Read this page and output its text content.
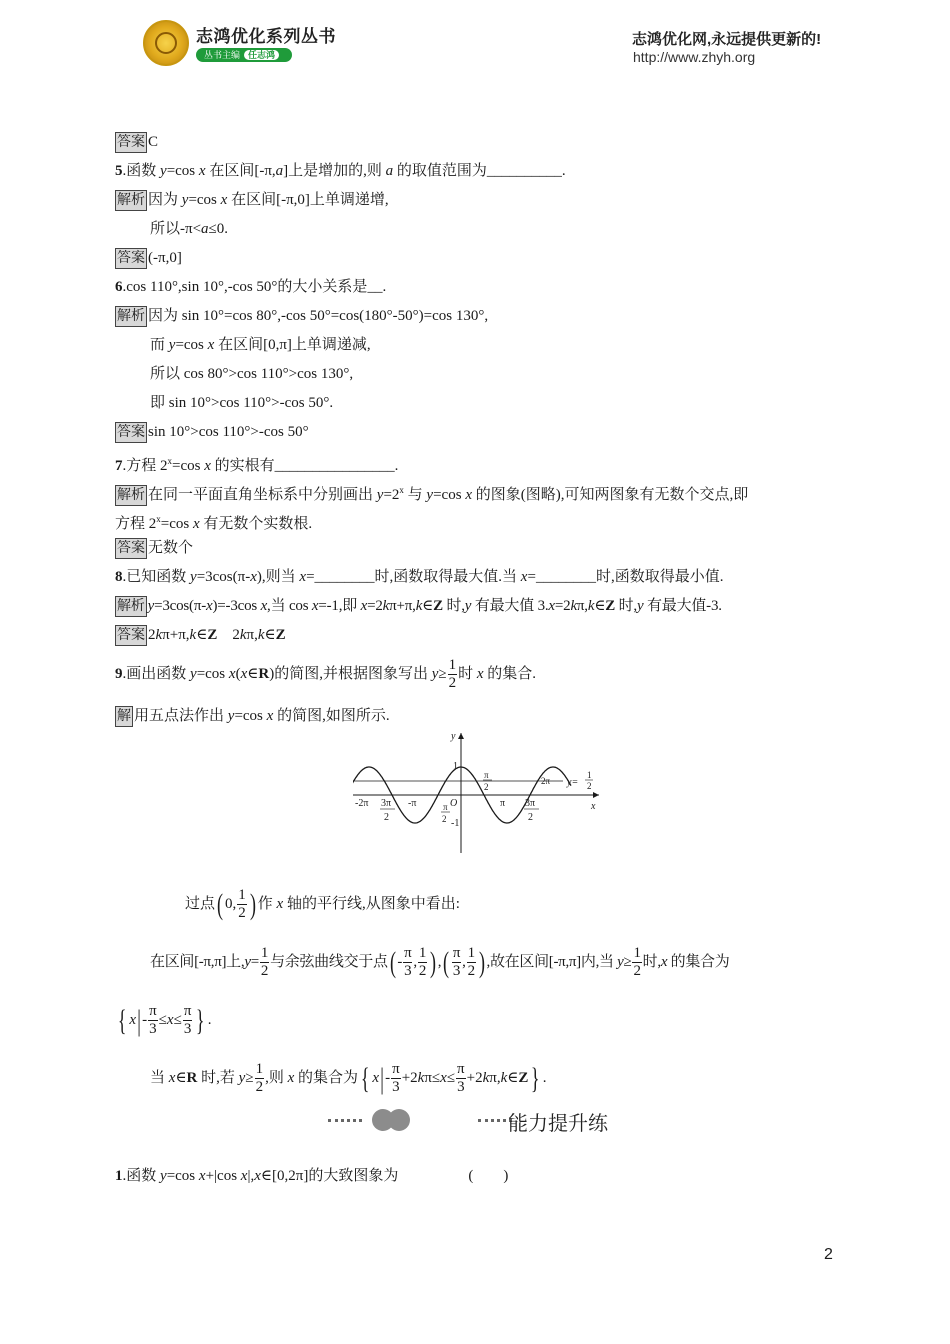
志鸿优化系列丛书
丛书主编 任志鸿
志鸿优化网,永远提供更新的!
http://www.zhyh.org
答案 C
5.函数 y=cos x 在区间[-π,a]上是增加的,则 a 的取值范围为__________.
解析 因为 y=cos x 在区间[-π,0]上单调递增,
所以-π<a≤0.
答案 (-π,0]
6.cos 110°,sin 10°,-cos 50°的大小关系是__.
解析 因为 sin 10°=cos 80°,-cos 50°=cos(180°-50°)=cos 130°,
而 y=cos x 在区间[0,π]上单调递减,
所以 cos 80°>cos 110°>cos 130°,
即 sin 10°>cos 110°>-cos 50°.
答案 sin 10°>cos 110°>-cos 50°
7.方程 $2^x=\cos$ x 的实根有________________.
解析 在同一平面直角坐标系中分别画出 $y=2^x$ 与 y=cos x 的图象(图略),可知两图象有无数个交点,即
方程 $2^x=\cos$ x 有无数个实数根.
答案 无数个
8.已知函数 y=3cos(π-x),则当 x=________时,函数取得最大值.当 x=________时,函数取得最小值.
解析 y=3cos(π-x)=-3cos x,当 cos x=-1,即 x=2kπ+π,k∈Z 时,y 有最大值 3.x=2kπ,k∈Z 时,y 有最大值-3.
答案 2kπ+π,k∈Z　2kπ,k∈Z
9.画出函数 y=cos x(x∈R)的简图,并根据图象写出 $y\ge \frac{1}{2}$ 时 x 的集合.
解 用五点法作出 y=cos x 的简图,如图所示.
y
x
1
-1
O
-2π 3π
2
-π	π
2
π
2
π 3π
2
2π y=
1
2
过点( 0, $\frac{1}{2}$ ) 作 x 轴的平行线,从图象中看出:
在区间[-π,π]上$,y= \frac{1}{2}$ 与余弦曲线交于点( - $\frac{\pi}{3}$ , $\frac{1}{2}$ ) ,( $\frac{\pi}{3}$ , $\frac{1}{2}$ ) ,故在区间[-π,π]内,当 $y\ge \frac{1}{2}$ 时,x 的集合为
{ $x|- \frac{\pi}{3} \le x\le \frac{\pi}{3}$ } .
当 x∈R 时,若 $y\ge \frac{1}{2}$ ,则 x 的集合为{ $x|- \frac{\pi}{3} +2k\pi\le x\le \frac{\pi}{3}$ +2kπ,k∈Z} .
能力提升练
1.函数 y=cos x+|cos x|,x∈[0,2π]的大致图象为	(　　)
2
